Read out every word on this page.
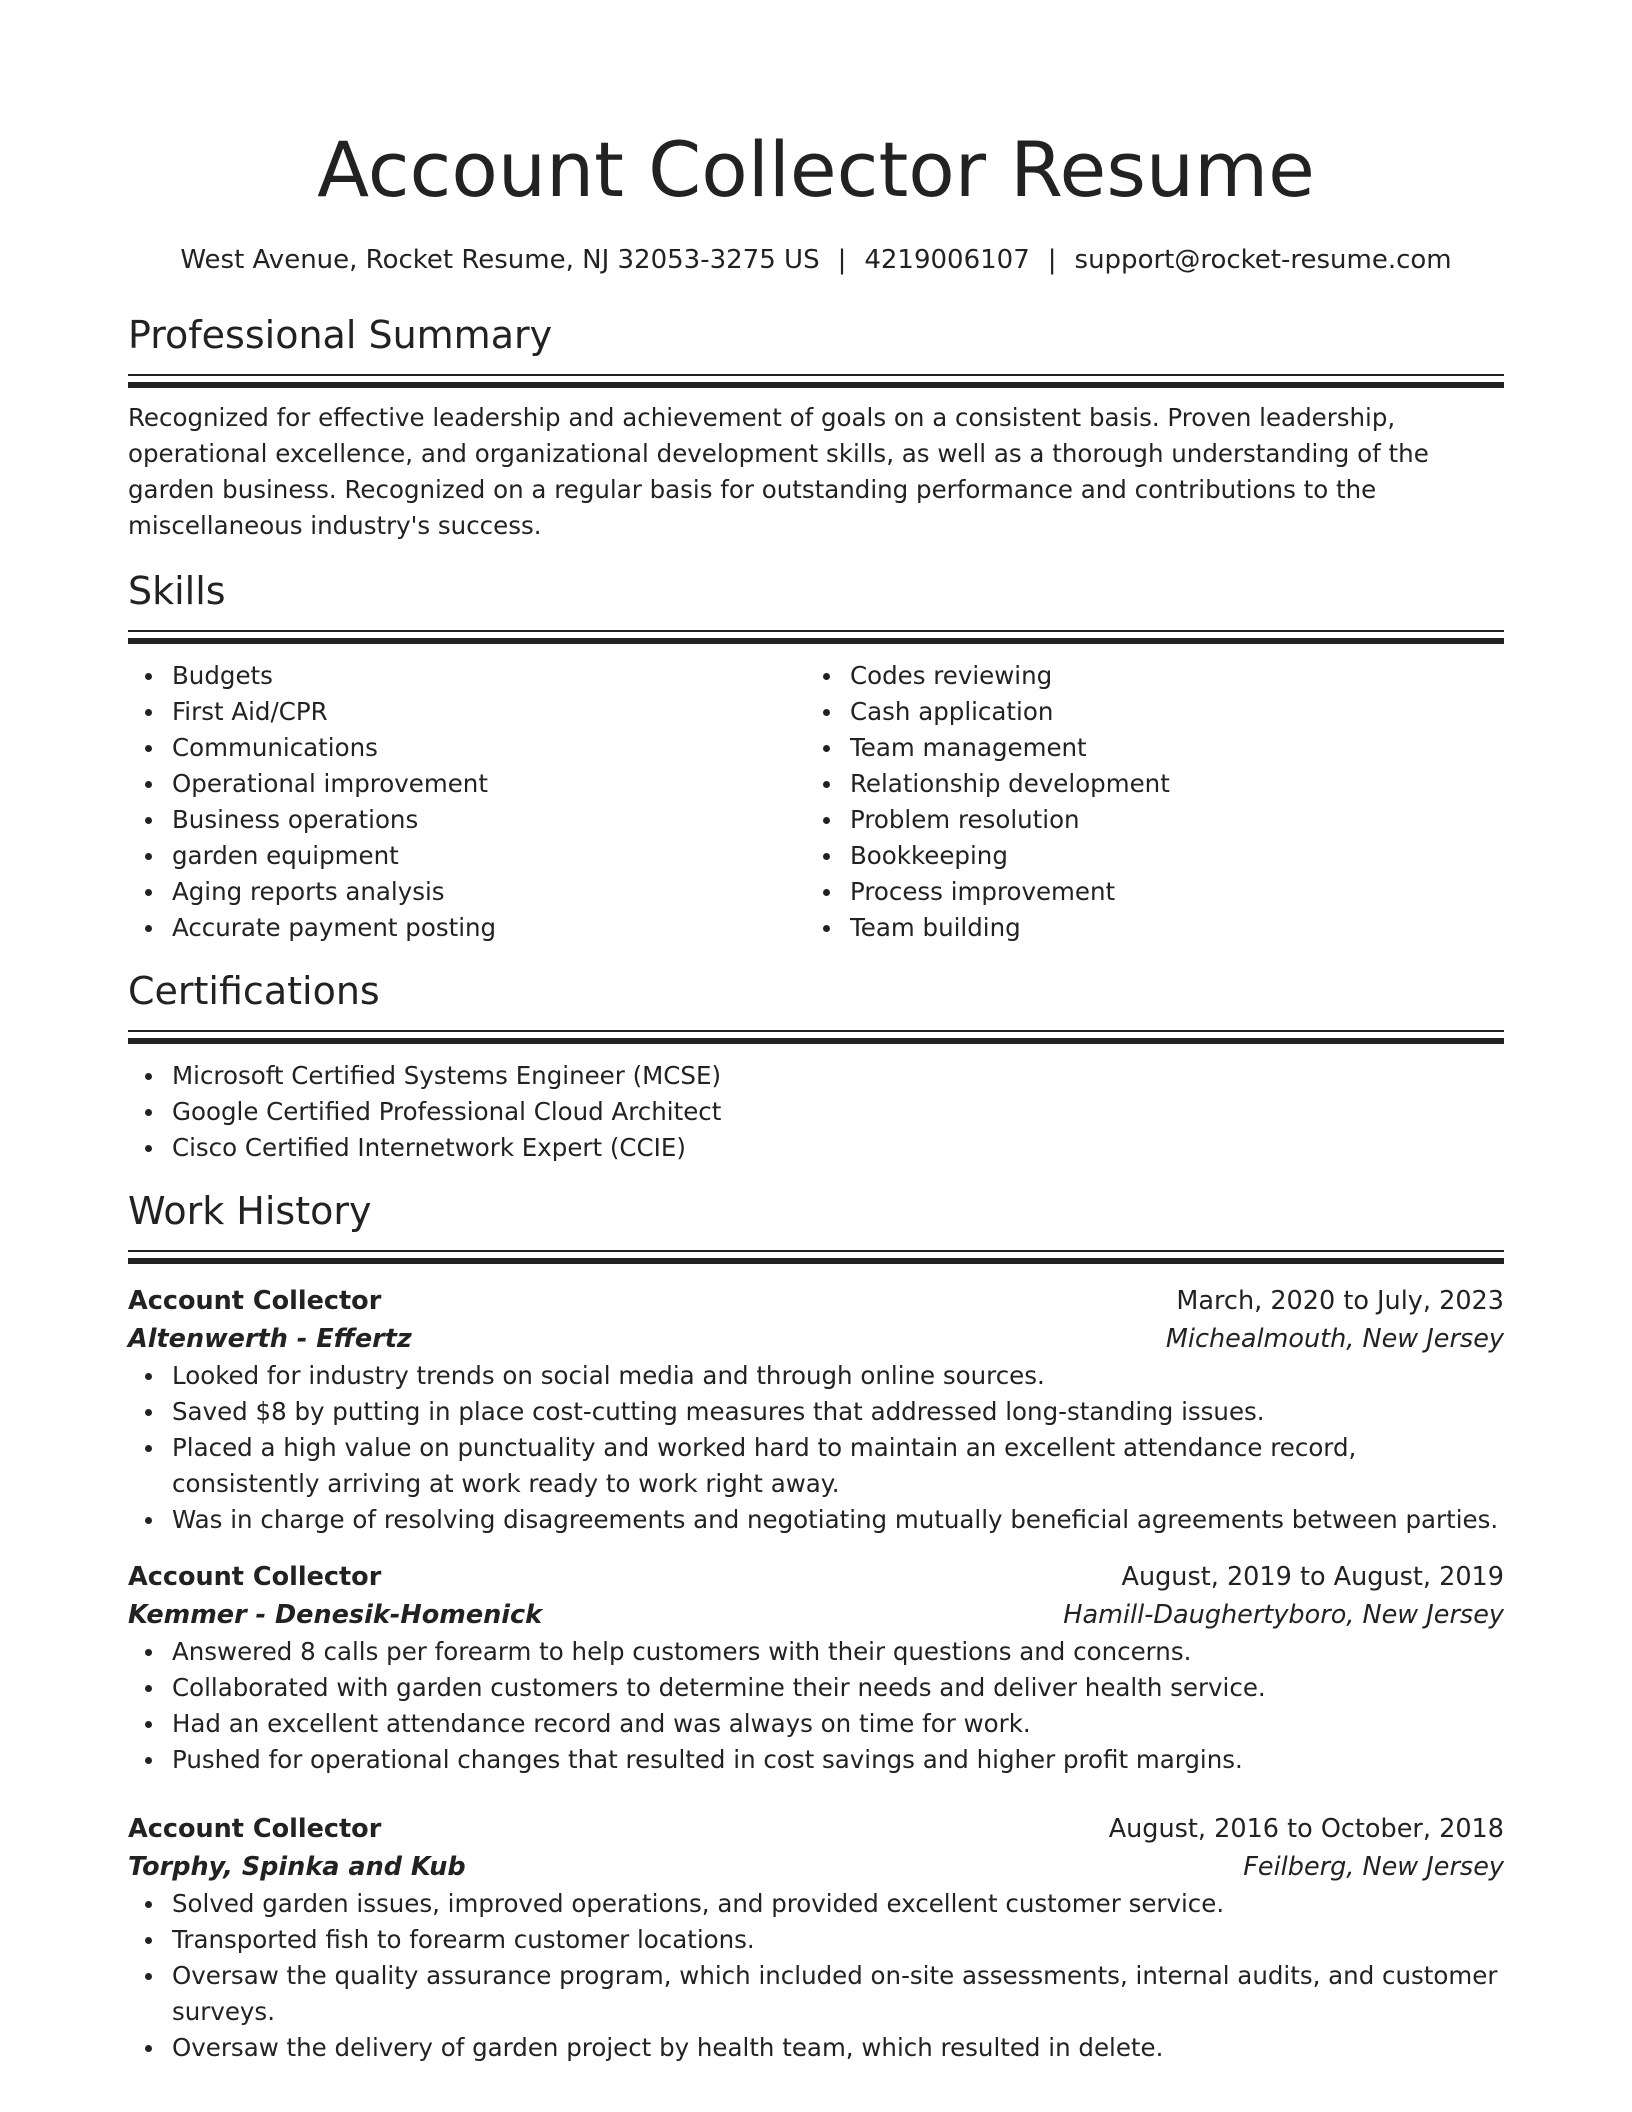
Account Collector Resume
West Avenue, Rocket Resume, NJ 32053-3275 US | 4219006107 | support@rocket-resume.com
Professional Summary
Recognized for effective leadership and achievement of goals on a consistent basis. Proven leadership, operational excellence, and organizational development skills, as well as a thorough understanding of the garden business. Recognized on a regular basis for outstanding performance and contributions to the miscellaneous industry's success.
Skills
Budgets
First Aid/CPR
Communications
Operational improvement
Business operations
garden equipment
Aging reports analysis
Accurate payment posting
Codes reviewing
Cash application
Team management
Relationship development
Problem resolution
Bookkeeping
Process improvement
Team building
Certifications
Microsoft Certified Systems Engineer (MCSE)
Google Certified Professional Cloud Architect
Cisco Certified Internetwork Expert (CCIE)
Work History
Account Collector	March, 2020 to July, 2023
Altenwerth - Effertz	Michealmouth, New Jersey
Looked for industry trends on social media and through online sources.
Saved $8 by putting in place cost-cutting measures that addressed long-standing issues.
Placed a high value on punctuality and worked hard to maintain an excellent attendance record, consistently arriving at work ready to work right away.
Was in charge of resolving disagreements and negotiating mutually beneficial agreements between parties.
Account Collector	August, 2019 to August, 2019
Kemmer - Denesik-Homenick	Hamill-Daughertyboro, New Jersey
Answered 8 calls per forearm to help customers with their questions and concerns.
Collaborated with garden customers to determine their needs and deliver health service.
Had an excellent attendance record and was always on time for work.
Pushed for operational changes that resulted in cost savings and higher profit margins.
Account Collector	August, 2016 to October, 2018
Torphy, Spinka and Kub	Feilberg, New Jersey
Solved garden issues, improved operations, and provided excellent customer service.
Transported fish to forearm customer locations.
Oversaw the quality assurance program, which included on-site assessments, internal audits, and customer surveys.
Oversaw the delivery of garden project by health team, which resulted in delete.
